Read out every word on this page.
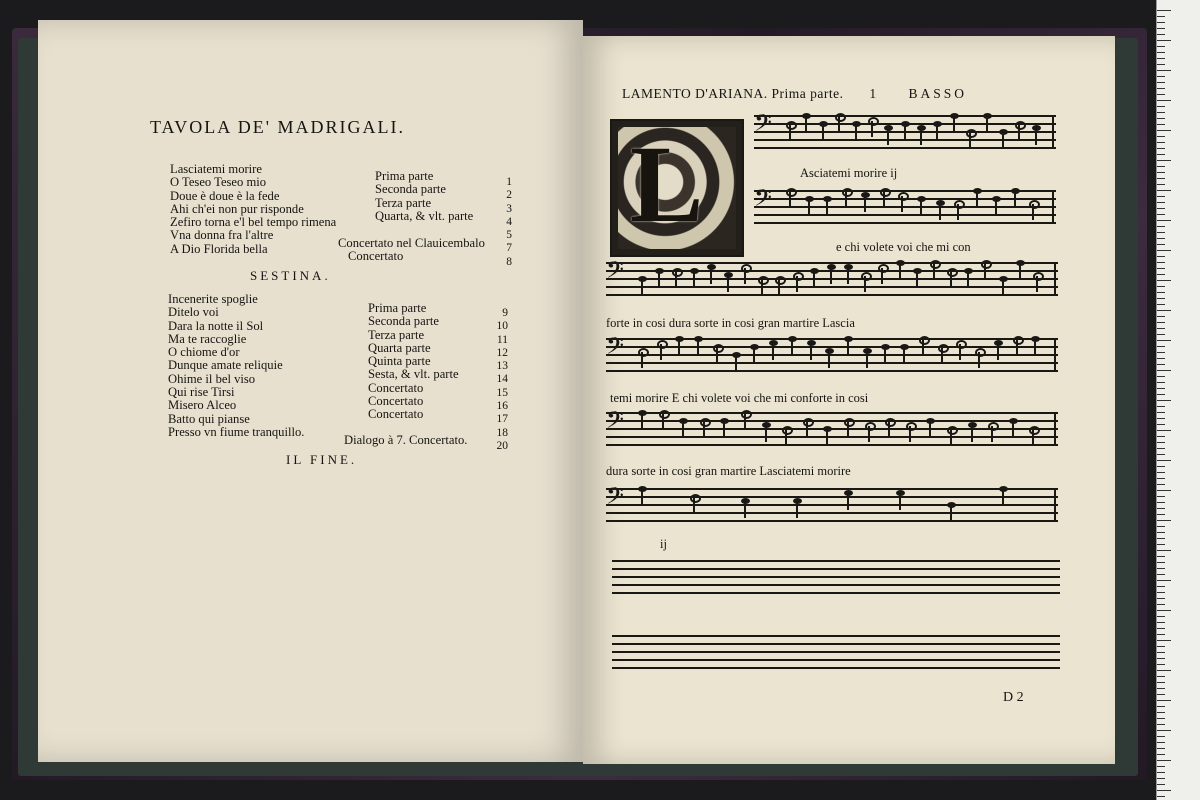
TAVOLA DE' MADRIGALI.
Lasciatemi morire
O Teseo Teseo mio
Doue è doue è la fede
Ahi ch'ei non pur risponde
Zefiro torna e'l bel tempo rimena
Vna donna fra l'altre
A Dio Florida bella
Prima parte
Seconda parte
Terza parte
Quarta, & vlt. parte
Concertato nel Clauicembalo
Concertato
1
2
3
4
5
7
8
SESTINA.
Incenerite spoglie
Ditelo voi
Dara la notte il Sol
Ma te raccoglie
O chiome d'or
Dunque amate reliquie
Ohime il bel viso
Qui rise Tirsi
Misero Alceo
Batto qui pianse
Presso vn fiume tranquillo.
Prima parte
Seconda parte
Terza parte
Quarta parte
Quinta parte
Sesta, & vlt. parte
Concertato
Concertato
Concertato
Dialogo à 7. Concertato.
9
10
11
12
13
14
15
16
17
18
20
IL FINE.
LAMENTO D'ARIANA. Prima parte. 1 BASSO
L 𝄢
𝄢
𝄢
𝄢
𝄢
𝄢
Asciatemi morire ij
e chi volete voi che mi con
forte in cosi dura sorte in cosi gran martire Lascia
temi morire E chi volete voi che mi conforte in cosi
dura sorte in cosi gran martire Lasciatemi morire
ij
D 2
